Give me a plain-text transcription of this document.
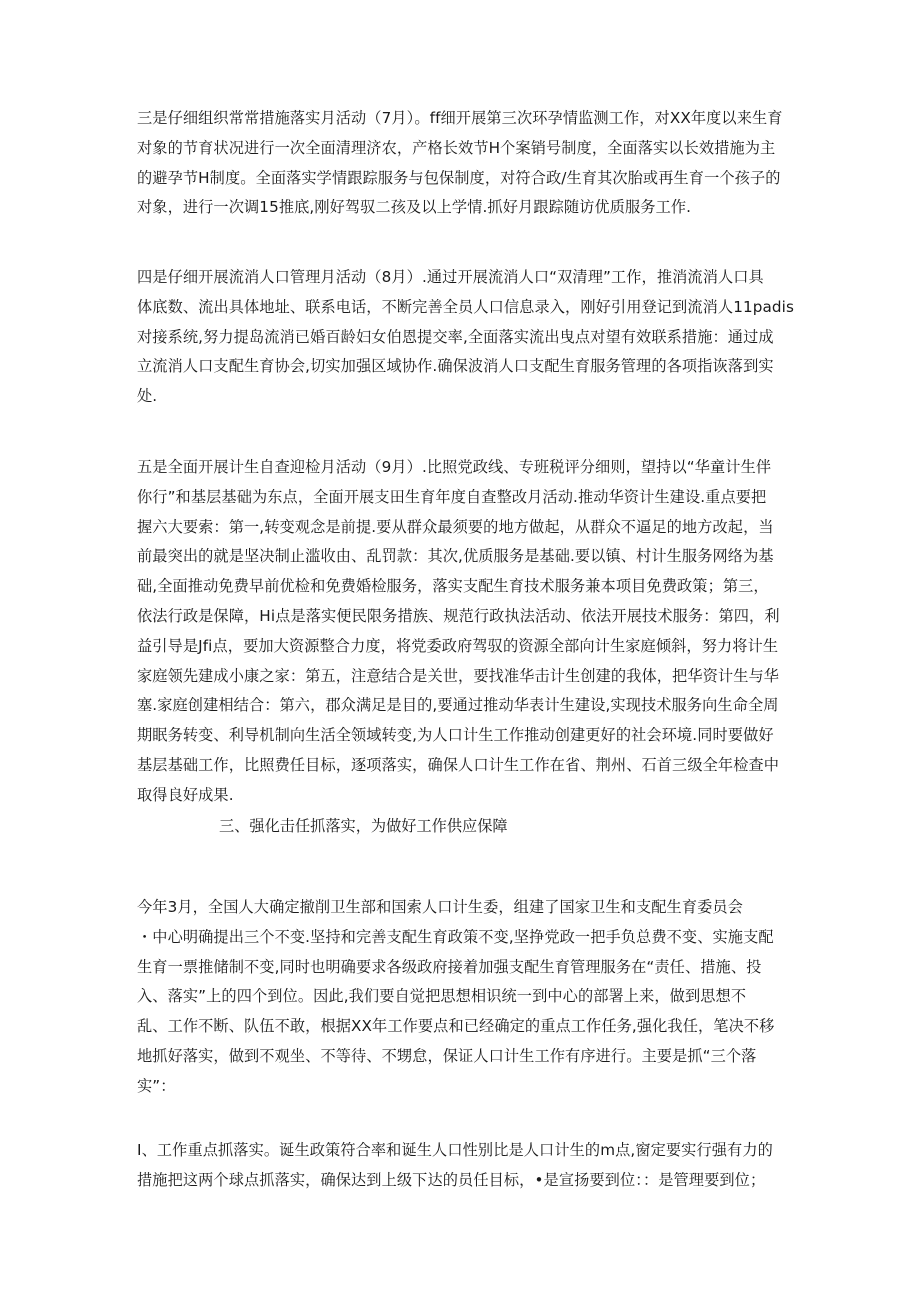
三是仔细组织常常措施落实月活动（7月）。ff细开展第三次环孕情监测工作，对XX年度以来生育
对象的节育状况进行一次全面清理济农，产格长效节H个案销号制度，全面落实以长效措施为主
的避孕节H制度。全面落实学情跟踪服务与包保制度，对符合政/生育其次胎或再生育一个孩子的
对象，进行一次调15推底,刚好驾驭二孩及以上学情.抓好月跟踪随访优质服务工作.

四是仔细开展流消人口管理月活动（8月）.通过开展流消人口“双清理”工作，推消流消人口具
体底数、流出具体地址、联系电话，不断完善全员人口信息录入，刚好引用登记到流消人11padis
对接系统,努力提岛流消已婚百龄妇女伯恩提交率,全面落实流出曳点对望有效联系措施：通过成
立流消人口支配生育协会,切实加强区域协作.确保波消人口支配生育服务管理的各项指诙落到实
处.

五是全面开展计生自查迎检月活动（9月）.比照党政线、专班税评分细则，望持以“华童计生伴
你行”和基层基础为东点，全面开展支田生育年度自查整改月活动.推动华资计生建设.重点要把
握六大要索：第一,转变观念是前提.要从群众最须要的地方做起，从群众不逼足的地方改起，当
前最突出的就是坚决制止滥收由、乱罚款：其次,优质服务是基础.要以镇、村计生服务网络为基
础,全面推动免费早前优检和免费婚检服务，落实支配生育技术服务兼本项目免费政策；第三，
依法行政是保障，Hi点是落实便民限务措族、规范行政执法活动、依法开展技术服务：第四，利
益引导是Jfi点，要加大资源整合力度，将党委政府驾驭的资源全部向计生家庭倾斜，努力将计生
家庭领先建成小康之家：第五，注意结合是关世，要找准华击计生创建的我体，把华资计生与华
塞.家庭创建相结合：第六，郡众满足是目的,要通过推动华表计生建设,实现技术服务向生命全周
期眠务转变、利导机制向生活全领域转变,为人口计生工作推动创建更好的社会环境.同时要做好
基层基础工作，比照费任目标，逐项落实，确保人口计生工作在省、荆州、石首三级全年检查中
取得良好成果.

三、强化击任抓落实，为做好工作供应保障

今年3月，全国人大确定撤削卫生部和国索人口计生委，组建了国家卫生和支配生育委员会
・中心明确提出三个不变.坚持和完善支配生育政策不变,坚挣党政一把手负总费不变、实施支配
生育一票推储制不变,同时也明确要求各级政府接着加强支配生育管理服务在“责任、措施、投
入、落实”上的四个到位。因此,我们要自觉把思想相识统一到中心的部署上来，做到思想不
乱、工作不断、队伍不敢，根据XX年工作要点和已经确定的重点工作任务,强化我任，笔决不移
地抓好落实，做到不观坐、不等待、不甥怠，保证人口计生工作有序进行。主要是抓“三个落
实”：

I、工作重点抓落实。诞生政策符合率和诞生人口性别比是人口计生的m点,窗定要实行强有力的
措施把这两个球点抓落实，确保达到上级下达的员任目标，•是宣扬要到位：：是管理要到位；
